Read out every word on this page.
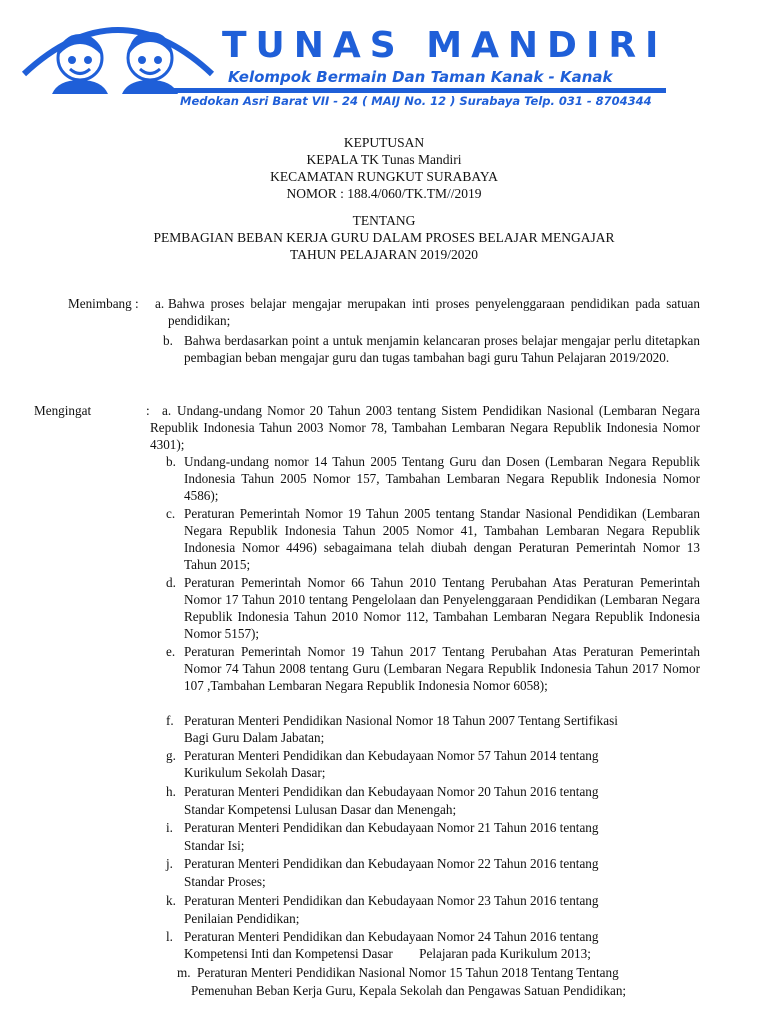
TUNAS MANDIRI
Kelompok Bermain Dan Taman Kanak - Kanak
Medokan Asri Barat VII - 24 ( MAIJ No. 12 ) Surabaya Telp. 031 - 8704344
KEPUTUSAN
KEPALA TK Tunas Mandiri
KECAMATAN RUNGKUT SURABAYA
NOMOR : 188.4/060/TK.TM//2019
TENTANG
PEMBAGIAN BEBAN KERJA GURU DALAM PROSES BELAJAR MENGAJAR
TAHUN PELAJARAN 2019/2020
Menimbang : a. Bahwa proses belajar mengajar merupakan inti proses penyelenggaraan pendidikan pada satuan pendidikan;
b. Bahwa berdasarkan point a untuk menjamin kelancaran proses belajar mengajar perlu ditetapkan pembagian beban mengajar guru dan tugas tambahan bagi guru Tahun Pelajaran 2019/2020.
Mengingat	: a. Undang-undang Nomor 20 Tahun 2003 tentang Sistem Pendidikan Nasional (Lembaran Negara Republik Indonesia Tahun 2003 Nomor 78, Tambahan Lembaran Negara Republik Indonesia Nomor 4301);
b. Undang-undang nomor 14 Tahun 2005 Tentang Guru dan Dosen (Lembaran Negara Republik Indonesia Tahun 2005 Nomor 157, Tambahan Lembaran Negara Republik Indonesia Nomor 4586);
c. Peraturan Pemerintah Nomor 19 Tahun 2005 tentang Standar Nasional Pendidikan (Lembaran Negara Republik Indonesia Tahun 2005 Nomor 41, Tambahan Lembaran Negara Republik Indonesia Nomor 4496) sebagaimana telah diubah dengan Peraturan Pemerintah Nomor 13 Tahun 2015;
d. Peraturan Pemerintah Nomor 66 Tahun 2010 Tentang Perubahan Atas Peraturan Pemerintah Nomor 17 Tahun 2010 tentang Pengelolaan dan Penyelenggaraan Pendidikan (Lembaran Negara Republik Indonesia Tahun 2010 Nomor 112, Tambahan Lembaran Negara Republik Indonesia Nomor 5157);
e. Peraturan Pemerintah Nomor 19 Tahun 2017 Tentang Perubahan Atas Peraturan Pemerintah Nomor 74 Tahun 2008 tentang Guru (Lembaran Negara Republik Indonesia Tahun 2017 Nomor 107 ,Tambahan Lembaran Negara Republik Indonesia Nomor 6058);
f. Peraturan Menteri Pendidikan Nasional Nomor 18 Tahun 2007 Tentang Sertifikasi
Bagi Guru Dalam Jabatan;
g. Peraturan Menteri Pendidikan dan Kebudayaan Nomor 57 Tahun 2014 tentang
Kurikulum Sekolah Dasar;
h. Peraturan Menteri Pendidikan dan Kebudayaan Nomor 20 Tahun 2016 tentang
Standar Kompetensi Lulusan Dasar dan Menengah;
i. Peraturan Menteri Pendidikan dan Kebudayaan Nomor 21 Tahun 2016 tentang
Standar Isi;
j. Peraturan Menteri Pendidikan dan Kebudayaan Nomor 22 Tahun 2016 tentang
Standar Proses;
k. Peraturan Menteri Pendidikan dan Kebudayaan Nomor 23 Tahun 2016 tentang
Penilaian Pendidikan;
l. Peraturan Menteri Pendidikan dan Kebudayaan Nomor 24 Tahun 2016 tentang
Kompetensi Inti dan Kompetensi Dasar        Pelajaran pada Kurikulum 2013;
m. Peraturan Menteri Pendidikan Nasional Nomor 15 Tahun 2018 Tentang Tentang
Pemenuhan Beban Kerja Guru, Kepala Sekolah dan Pengawas Satuan Pendidikan;
